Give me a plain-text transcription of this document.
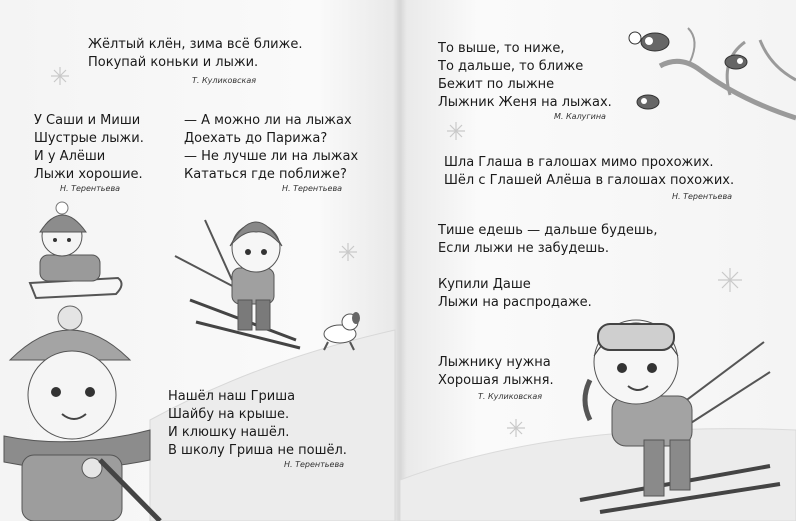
Жёлтый клён, зима всё ближе.
Покупай коньки и лыжи.
Т. Куликовская
У Саши и Миши
Шустрые лыжи.
И у Алёши
Лыжи хорошие.
Н. Терентьева
— А можно ли на лыжах
Доехать до Парижа?
— Не лучше ли на лыжах
Кататься где поближе?
Н. Терентьева
Нашёл наш Гриша
Шайбу на крыше.
И клюшку нашёл.
В школу Гриша не пошёл.
Н. Терентьева
То выше, то ниже,
То дальше, то ближе
Бежит по лыжне
Лыжник Женя на лыжах.
М. Калугина
Шла Глаша в галошах мимо прохожих.
Шёл с Глашей Алёша в галошах похожих.
Н. Терентьева
Тише едешь — дальше будешь,
Если лыжи не забудешь.
Купили Даше
Лыжи на распродаже.
Лыжнику нужна
Хорошая лыжня.
Т. Куликовская
